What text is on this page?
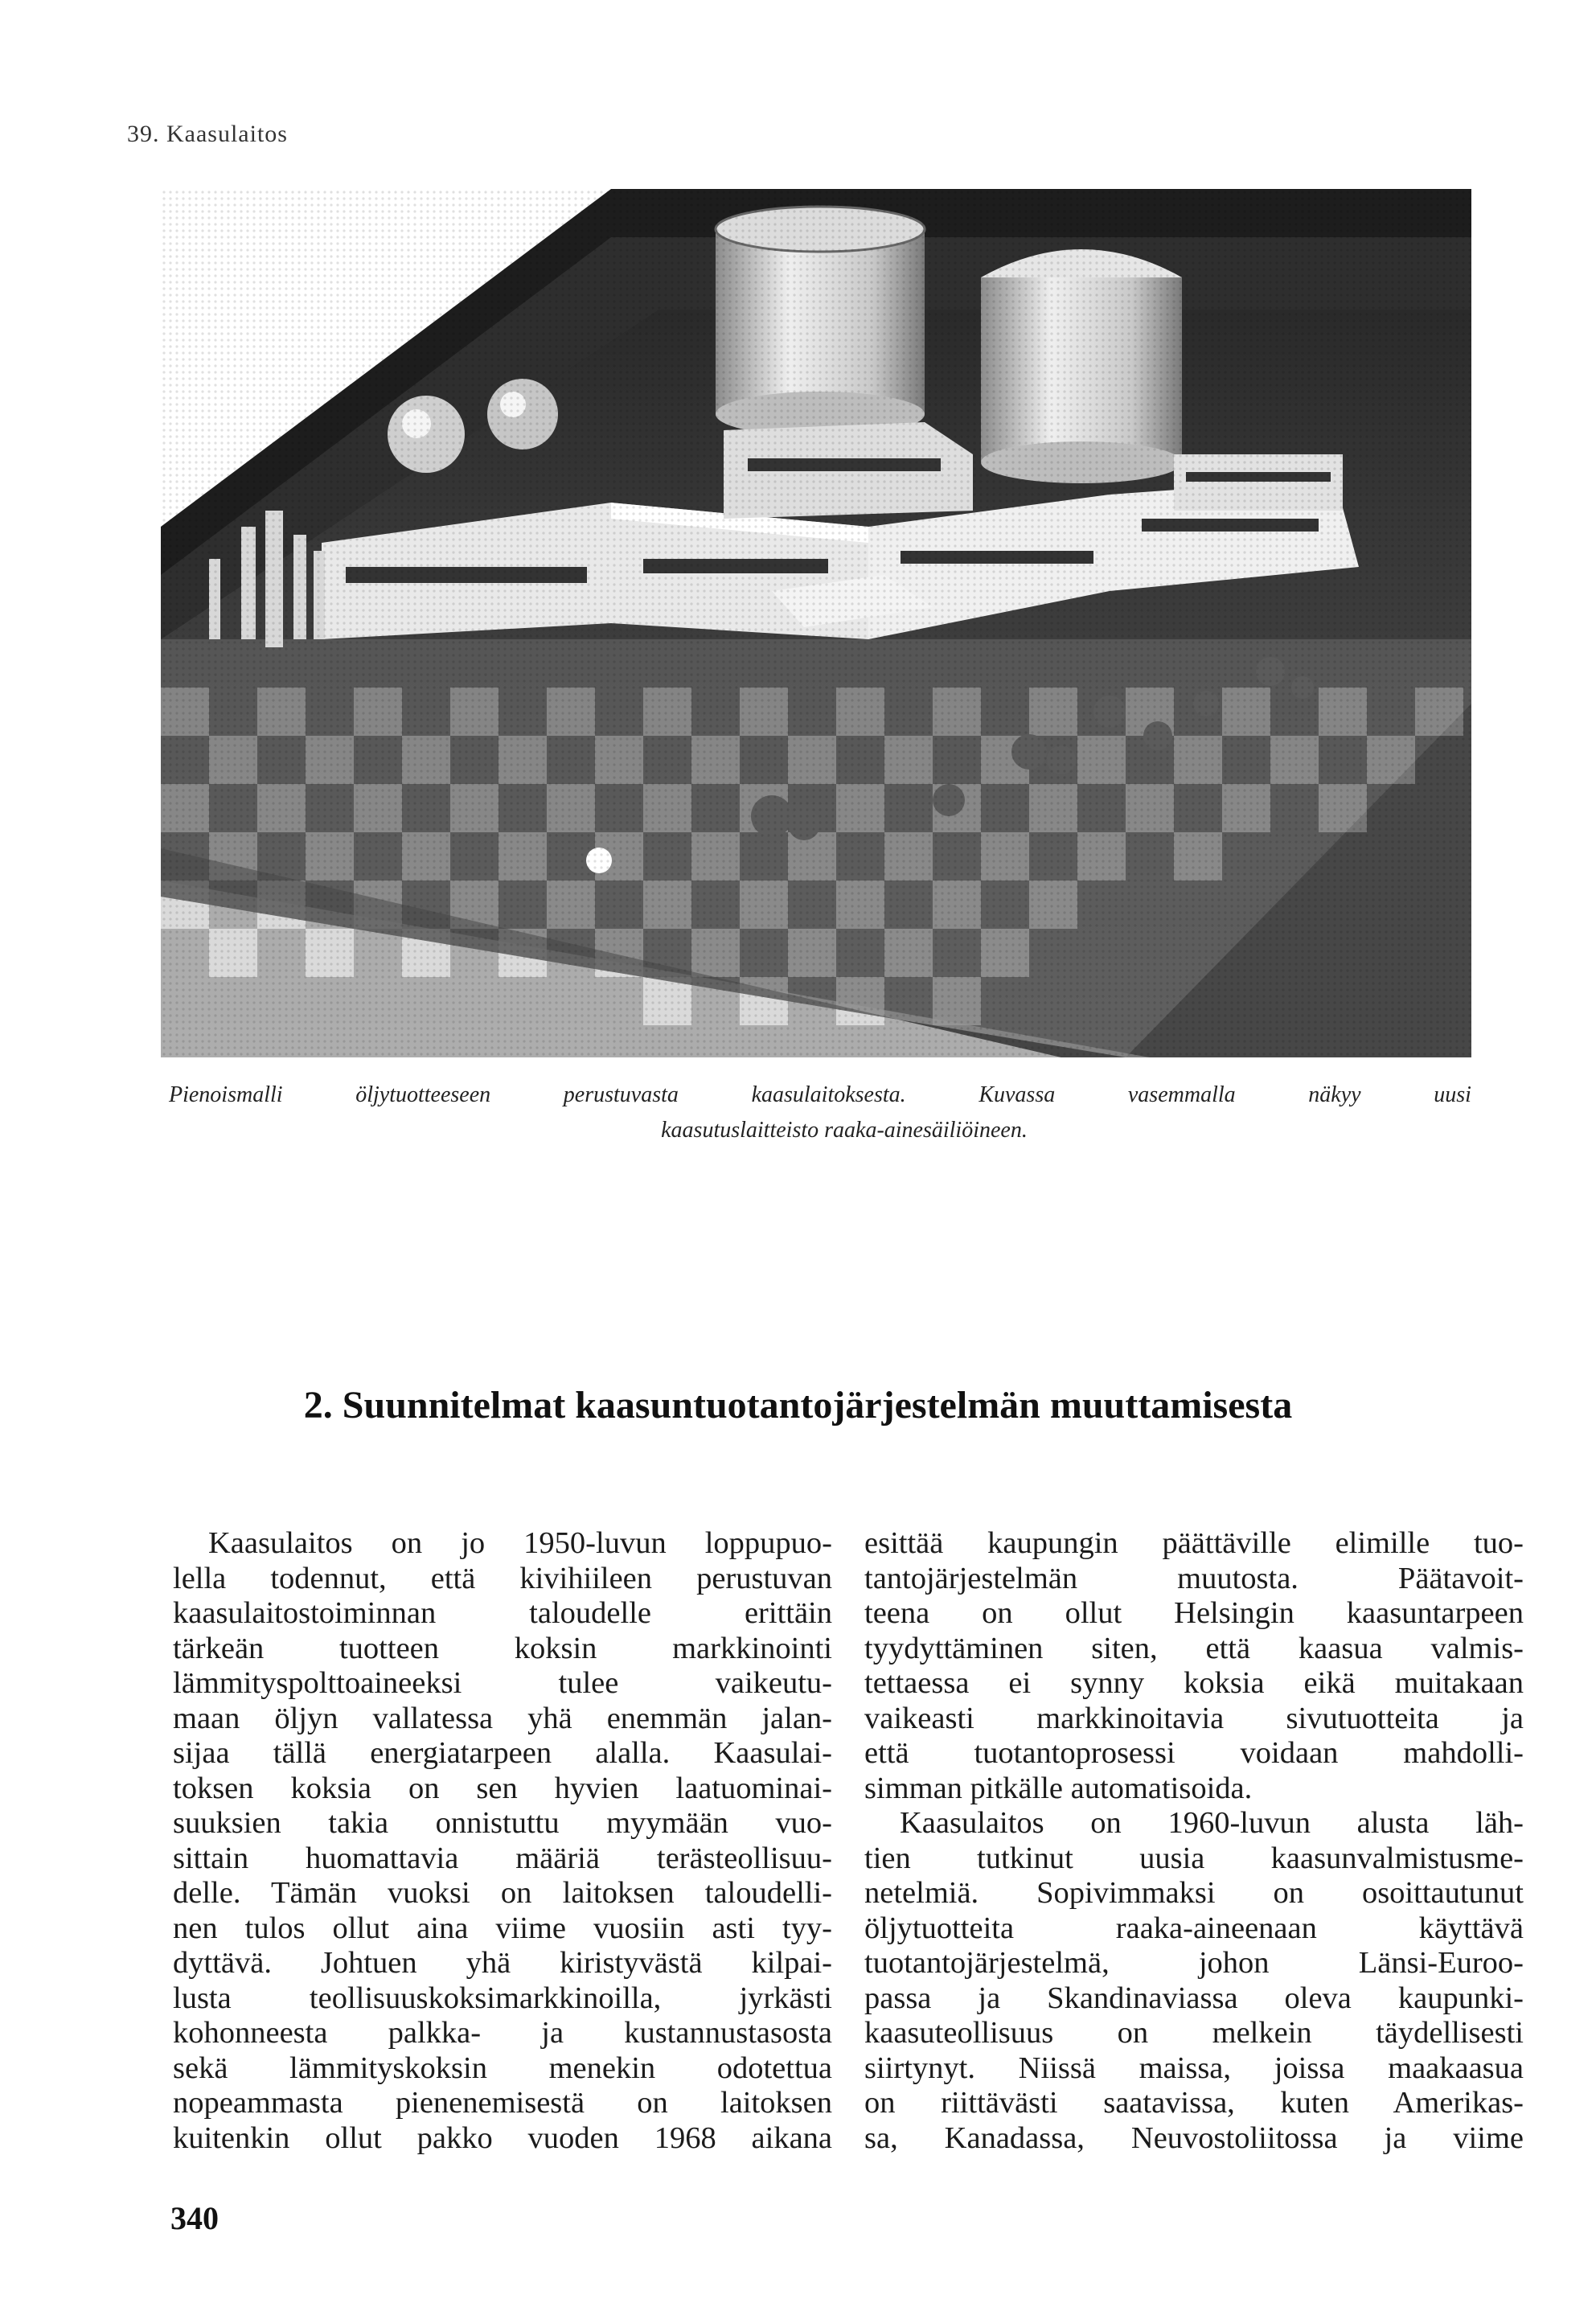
39. Kaasulaitos
Pienoismalli	öljytuotteeseen	perustuvasta	kaasulaitoksesta.	Kuvassa	vasemmalla	näkyy	uusi
kaasutuslaitteisto raaka-ainesäiliöineen.
2. Suunnitelmat kaasuntuotantojärjestelmän muuttamisesta

Kaasulaitos on jo 1950-luvun loppupuo-

lella todennut, että kivihiileen perustuvan

kaasulaitostoiminnan taloudelle erittäin

tärkeän tuotteen koksin markkinointi

lämmityspolttoaineeksi tulee vaikeutu-

maan öljyn vallatessa yhä enemmän jalan-

sijaa tällä energiatarpeen alalla. Kaasulai-

toksen koksia on sen hyvien laatuominai-

suuksien takia onnistuttu myymään vuo-

sittain huomattavia määriä terästeollisuu-

delle. Tämän vuoksi on laitoksen taloudelli-

nen tulos ollut aina viime vuosiin asti tyy-

dyttävä. Johtuen yhä kiristyvästä kilpai-

lusta teollisuuskoksimarkkinoilla, jyrkästi

kohonneesta palkka- ja kustannustasosta

sekä lämmityskoksin menekin odotettua

nopeammasta pienenemisestä on laitoksen

kuitenkin ollut pakko vuoden 1968 aikana

esittää kaupungin päättäville elimille tuo-

tantojärjestelmän muutosta. Päätavoit-

teena on ollut Helsingin kaasuntarpeen

tyydyttäminen siten, että kaasua valmis-

tettaessa ei synny koksia eikä muitakaan

vaikeasti markkinoitavia sivutuotteita ja

että tuotantoprosessi voidaan mahdolli-

simman pitkälle automatisoida.

Kaasulaitos on 1960-luvun alusta läh-

tien tutkinut uusia kaasunvalmistusme-

netelmiä. Sopivimmaksi on osoittautunut

öljytuotteita raaka-aineenaan käyttävä

tuotantojärjestelmä, johon Länsi-Euroo-

passa ja Skandinaviassa oleva kaupunki-

kaasuteollisuus on melkein täydellisesti

siirtynyt. Niissä maissa, joissa maakaasua

on riittävästi saatavissa, kuten Amerikas-

sa, Kanadassa, Neuvostoliitossa ja viime

340
